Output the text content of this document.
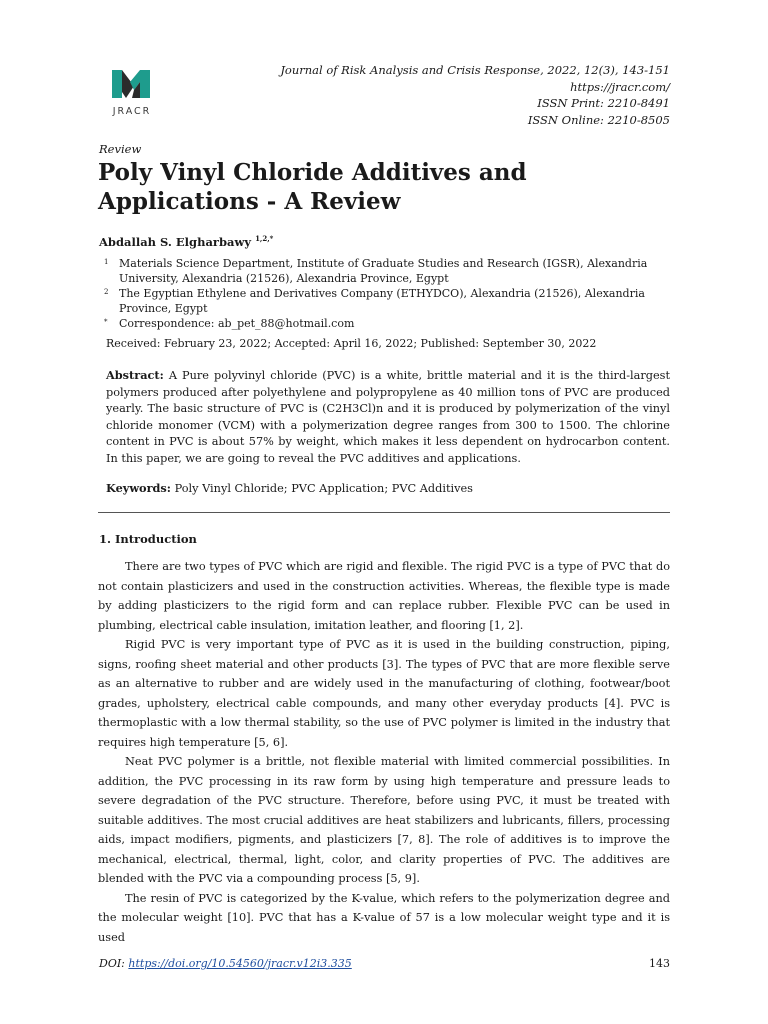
JRACR
Journal of Risk Analysis and Crisis Response, 2022, 12(3), 143-151
https://jracr.com/
ISSN Print: 2210-8491
ISSN Online: 2210-8505
Review
Poly Vinyl Chloride Additives and Applications - A Review
Abdallah S. Elgharbawy $^{1,2,*}$
1 Materials Science Department, Institute of Graduate Studies and Research (IGSR), Alexandria University, Alexandria (21526), Alexandria Province, Egypt
2 The Egyptian Ethylene and Derivatives Company (ETHYDCO), Alexandria (21526), Alexandria Province, Egypt
*	Correspondence: ab_pet_88@hotmail.com
Received: February 23, 2022; Accepted: April 16, 2022; Published: September 30, 2022
Abstract: A Pure polyvinyl chloride (PVC) is a white, brittle material and it is the third-largest polymers produced after polyethylene and polypropylene as 40 million tons of PVC are produced yearly. The basic structure of PVC is (C2H3Cl)n and it is produced by polymerization of the vinyl chloride monomer (VCM) with a polymerization degree ranges from 300 to 1500. The chlorine content in PVC is about 57% by weight, which makes it less dependent on hydrocarbon content. In this paper, we are going to reveal the PVC additives and applications.
Keywords: Poly Vinyl Chloride; PVC Application; PVC Additives
1. Introduction

There are two types of PVC which are rigid and flexible. The rigid PVC is a type of PVC that do not contain plasticizers and used in the construction activities. Whereas, the flexible type is made by adding plasticizers to the rigid form and can replace rubber. Flexible PVC can be used in plumbing, electrical cable insulation, imitation leather, and flooring [1, 2].

Rigid PVC is very important type of PVC as it is used in the building construction, piping, signs, roofing sheet material and other products [3]. The types of PVC that are more flexible serve as an alternative to rubber and are widely used in the manufacturing of clothing, footwear/boot grades, upholstery, electrical cable compounds, and many other everyday products [4]. PVC is thermoplastic with a low thermal stability, so the use of PVC polymer is limited in the industry that requires high temperature [5, 6].

Neat PVC polymer is a brittle, not flexible material with limited commercial possibilities. In addition, the PVC processing in its raw form by using high temperature and pressure leads to severe degradation of the PVC structure. Therefore, before using PVC, it must be treated with suitable additives. The most crucial additives are heat stabilizers and lubricants, fillers, processing aids, impact modifiers, pigments, and plasticizers [7, 8]. The role of additives is to improve the mechanical, electrical, thermal, light, color, and clarity properties of PVC. The additives are blended with the PVC via a compounding process [5, 9].

The resin of PVC is categorized by the K-value, which refers to the polymerization degree and the molecular weight [10]. PVC that has a K-value of 57 is a low molecular weight type and it is used

DOI: https://doi.org/10.54560/jracr.v12i3.335	143
